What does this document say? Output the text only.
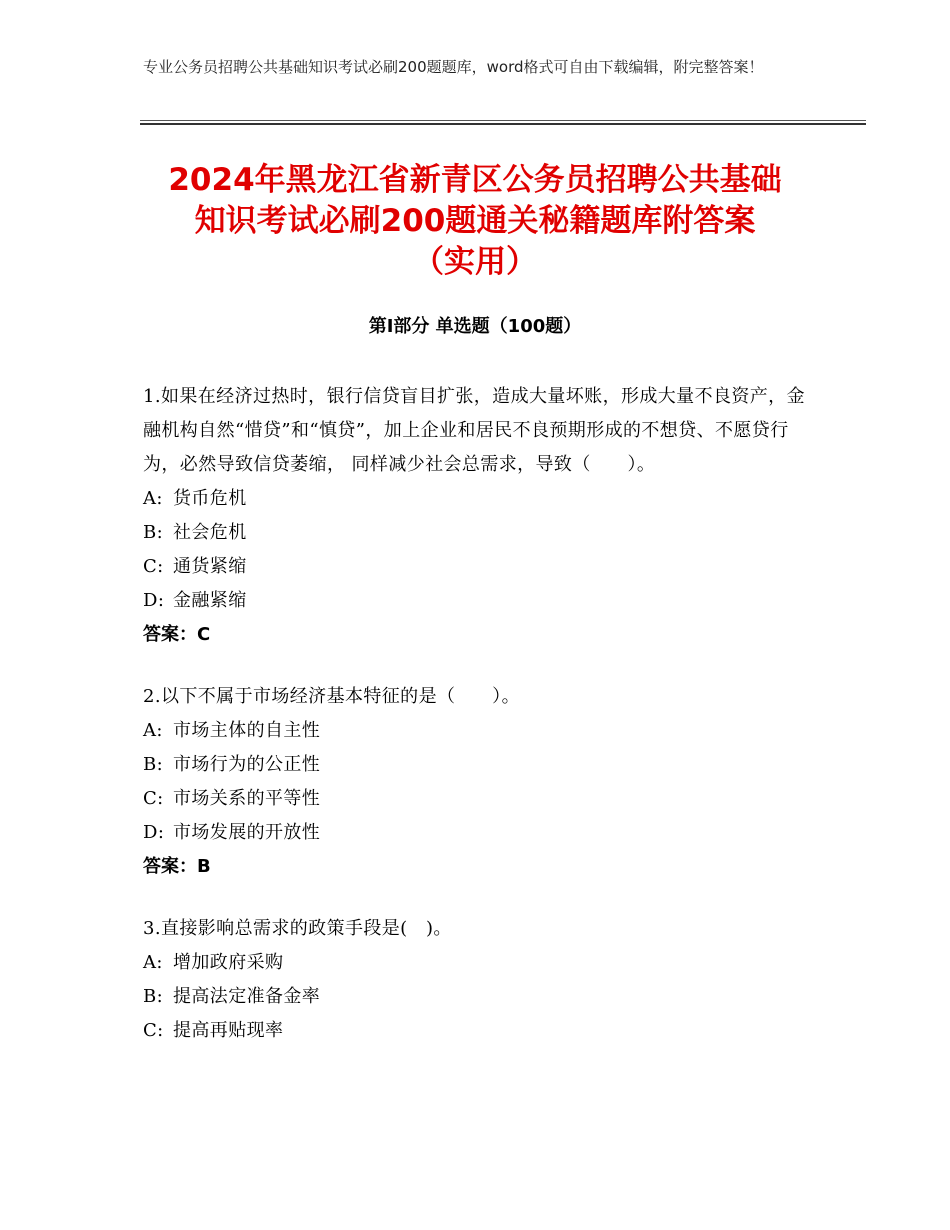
专业公务员招聘公共基础知识考试必刷200题题库，word格式可自由下载编辑，附完整答案！
2024年黑龙江省新青区公务员招聘公共基础
知识考试必刷200题通关秘籍题库附答案
（实用）
第Ⅰ部分 单选题（100题）

1.如果在经济过热时，银行信贷盲目扩张，造成大量坏账，形成大量不良资产，金融机构自然“惜贷”和“慎贷”，加上企业和居民不良预期形成的不想贷、不愿贷行为，必然导致信贷萎缩， 同样减少社会总需求，导致（　　）。

A: 货币危机

B: 社会危机

C: 通货紧缩

D: 金融紧缩

答案：C

2.以下不属于市场经济基本特征的是（　　）。

A: 市场主体的自主性

B: 市场行为的公正性

C: 市场关系的平等性

D: 市场发展的开放性

答案：B

3.直接影响总需求的政策手段是(　)。

A: 增加政府采购

B: 提高法定准备金率

C: 提高再贴现率
